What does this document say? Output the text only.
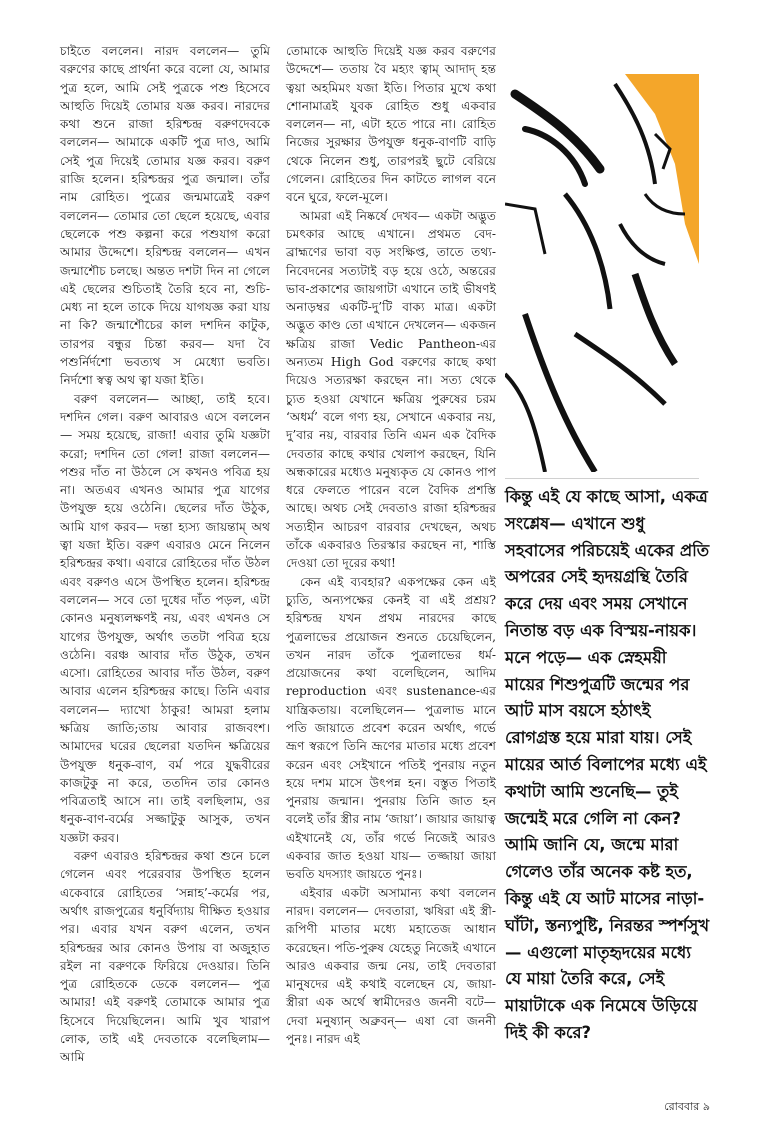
চাইতে বললেন। নারদ বললেন— তুমি বরুণের কাছে প্রার্থনা করে বলো যে, আমার পুত্র হলে, আমি সেই পুত্রকে পশু হিসেবে আহুতি দিয়েই তোমার যজ্ঞ করব। নারদের কথা শুনে রাজা হরিশ্চন্দ্র বরুণদেবকে বললেন— আমাকে একটি পুত্র দাও, আমি সেই পুত্র দিয়েই তোমার যজ্ঞ করব। বরুণ রাজি হলেন। হরিশ্চন্দ্রর পুত্র জন্মাল। তাঁর নাম রোহিত। পুত্রের জন্মমাত্রেই বরুণ বললেন— তোমার তো ছেলে হয়েছে, এবার ছেলেকে পশু কল্পনা করে পশুযাগ করো আমার উদ্দেশে। হরিশ্চন্দ্র বললেন— এখন জন্মাশৌচ চলছে। অন্তত দশটা দিন না গেলে এই ছেলের শুচিতাই তৈরি হবে না, শুচি-মেধ্য না হলে তাকে দিয়ে যাগযজ্ঞ করা যায় না কি? জন্মাশৌচের কাল দশদিন কাটুক, তারপর বন্ধুর চিন্তা করব— যদা বৈ পশুর্নির্দশো ভবত্যথ স মেধ্যো ভবতি। নির্দশো স্বত্ব অথ ত্বা যজা ইতি।

বরুণ বললেন— আচ্ছা, তাই হবে। দশদিন গেল। বরুণ আবারও এসে বললেন— সময় হয়েছে, রাজা! এবার তুমি যজ্ঞটা করো; দশদিন তো গেল! রাজা বললেন— পশুর দাঁত না উঠলে সে কখনও পবিত্র হয় না। অতএব এখনও আমার পুত্র যাগের উপযুক্ত হয়ে ওঠেনি। ছেলের দাঁত উঠুক, আমি যাগ করব— দন্তা হ্যস্য জায়ন্তাম্ অথ ত্বা যজা ইতি। বরুণ এবারও মেনে নিলেন হরিশ্চন্দ্রর কথা। এবারে রোহিতের দাঁত উঠল এবং বরুণও এসে উপস্থিত হলেন। হরিশ্চন্দ্র বললেন— সবে তো দুধের দাঁত পড়ল, এটা কোনও মনুষ্যলক্ষণই নয়, এবং এখনও সে যাগের উপযুক্ত, অর্থাৎ ততটা পবিত্র হয়ে ওঠেনি। বরঞ্চ আবার দাঁত উঠুক, তখন এসো। রোহিতের আবার দাঁত উঠল, বরুণ আবার এলেন হরিশ্চন্দ্রর কাছে। তিনি এবার বললেন— দ্যাখো ঠাকুর! আমরা হলাম ক্ষত্রিয় জাতি;তায় আবার রাজবংশ। আমাদের ঘরের ছেলেরা যতদিন ক্ষত্রিয়ের উপযুক্ত ধনুক-বাণ, বর্ম পরে যুদ্ধবীরের কাজটুকু না করে, ততদিন তার কোনও পবিত্রতাই আসে না। তাই বলছিলাম, ওর ধনুক-বাণ-বর্মের সজ্জাটুকু আসুক, তখন যজ্ঞটা করব।

বরুণ এবারও হরিশ্চন্দ্রর কথা শুনে চলে গেলেন এবং পরেরবার উপস্থিত হলেন একেবারে রোহিতের ‘সন্নাহ’-কর্মের পর, অর্থাৎ রাজপুত্রের ধনুর্বিদ্যায় দীক্ষিত হওয়ার পর। এবার যখন বরুণ এলেন, তখন হরিশ্চন্দ্রর আর কোনও উপায় বা অজুহাত রইল না বরুণকে ফিরিয়ে দেওয়ার। তিনি পুত্র রোহিতকে ডেকে বললেন— পুত্র আমার! এই বরুণই তোমাকে আমার পুত্র হিসেবে দিয়েছিলেন। আমি খুব খারাপ লোক, তাই এই দেবতাকে বলেছিলাম— আমি

তোমাকে আহুতি দিয়েই যজ্ঞ করব বরুণের উদ্দেশে— ততায় বৈ মহ্যং ত্বাম্ আদাদ্ হন্ত ত্বয়া অহমিমং যজা ইতি। পিতার মুখে কথা শোনামাত্রই যুবক রোহিত শুধু একবার বললেন— না, এটা হতে পারে না। রোহিত নিজের সুরক্ষার উপযুক্ত ধনুক-বাণটি বাড়ি থেকে নিলেন শুধু, তারপরই ছুটে বেরিয়ে গেলেন। রোহিতের দিন কাটতে লাগল বনে বনে ঘুরে, ফলে-মূলে।

আমরা এই নিষ্কর্ষে দেখব— একটা অদ্ভুত চমৎকার আছে এখানে। প্রথমত বেদ-ব্রাহ্মণের ভাবা বড় সংক্ষিপ্ত, তাতে তথ্য-নিবেদনের সত্যটাই বড় হয়ে ওঠে, অন্তরের ভাব-প্রকাশের জায়গাটা এখানে তাই ভীষণই অনাড়ম্বর একটি-দু’টি বাক্য মাত্র। একটা অদ্ভুত কাণ্ড তো এখানে দেখলেন— একজন ক্ষত্রিয় রাজা Vedic Pantheon-এর অন্যতম High God বরুণের কাছে কথা দিয়েও সত্যরক্ষা করছেন না। সত্য থেকে চ্যুত হওয়া যেখানে ক্ষত্রিয় পুরুষের চরম ‘অধর্ম’ বলে গণ্য হয়, সেখানে একবার নয়, দু’বার নয়, বারবার তিনি এমন এক বৈদিক দেবতার কাছে কথার খেলাপ করছেন, যিনি অন্ধকারের মধ্যেও মনুষ্যকৃত যে কোনও পাপ ধরে ফেলতে পারেন বলে বৈদিক প্রশস্তি আছে। অথচ সেই দেবতাও রাজা হরিশ্চন্দ্রর সত্যহীন আচরণ বারবার দেখছেন, অথচ তাঁকে একবারও তিরস্কার করছেন না, শাস্তি দেওয়া তো দূরের কথা!

কেন এই ব্যবহার? একপক্ষের কেন এই চ্যুতি, অন্যপক্ষের কেনই বা এই প্রশ্রয়? হরিশ্চন্দ্র যখন প্রথম নারদের কাছে পুত্রলাভের প্রয়োজন শুনতে চেয়েছিলেন, তখন নারদ তাঁকে পুত্রলাভের ধর্ম-প্রয়োজনের কথা বলেছিলেন, আদিম reproduction এবং sustenance-এর যান্ত্রিকতায়। বলেছিলেন— পুত্রলাভ মানে পতি জায়াতে প্রবেশ করেন অর্থাৎ, গর্ভে ভ্রূণ স্বরূপে তিনি ভ্রূণের মাতার মধ্যে প্রবেশ করেন এবং সেইখানে পতিই পুনরায় নতুন হয়ে দশম মাসে উৎপন্ন হন। বস্তুত পিতাই পুনরায় জন্মান। পুনরায় তিনি জাত হন বলেই তাঁর স্ত্রীর নাম ‘জায়া’। জায়ার জায়াত্ব এইখানেই যে, তাঁর গর্ভে নিজেই আরও একবার জাত হওয়া যায়— তজ্জায়া জায়া ভবতি যদস্যাং জায়তে পুনঃ।

এইবার একটা অসামান্য কথা বললেন নারদ। বললেন— দেবতারা, ঋষিরা এই স্ত্রী-রূপিণী মাতার মধ্যে মহাতেজ আধান করেছেন। পতি-পুরুষ যেহেতু নিজেই এখানে আরও একবার জন্ম নেয়, তাই দেবতারা মানুষদের এই কথাই বলেছেন যে, জায়া-স্ত্রীরা এক অর্থে স্বামীদেরও জননী বটে— দেবা মনুষ্যান্ অব্রুবন্— এষা বো জননী পুনঃ। নারদ এই

কিন্তু এই যে কাছে আসা, একত্র সংশ্লেষ— এখানে শুধু সহবাসের পরিচয়েই একের প্রতি অপরের সেই হৃদয়গ্রন্থি তৈরি করে দেয় এবং সময় সেখানে নিতান্ত বড় এক বিস্ময়-নায়ক। মনে পড়ে— এক স্নেহময়ী মায়ের শিশুপুত্রটি জন্মের পর আট মাস বয়সে হঠাৎই রোগগ্রস্ত হয়ে মারা যায়। সেই মায়ের আর্ত বিলাপের মধ্যে এই কথাটা আমি শুনেছি— তুই জন্মেই মরে গেলি না কেন? আমি জানি যে, জন্মে মারা গেলেও তাঁর অনেক কষ্ট হত, কিন্তু এই যে আট মাসের নাড়া-ঘাঁটা, স্তন্যপুষ্টি, নিরন্তর স্পর্শসুখ— এগুলো মাতৃহৃদয়ের মধ্যে যে মায়া তৈরি করে, সেই মায়াটাকে এক নিমেষে উড়িয়ে দিই কী করে?
রোববার ৯
